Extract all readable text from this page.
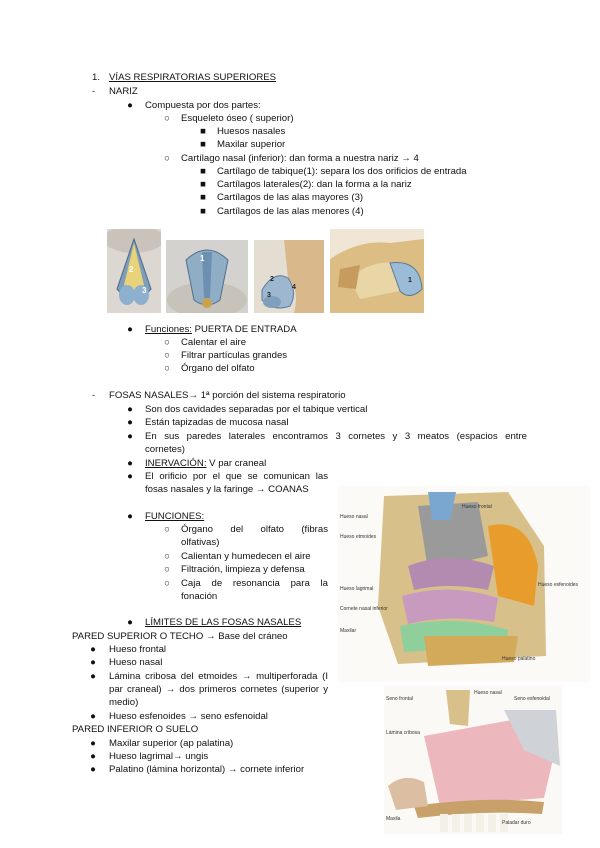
1. VÍAS RESPIRATORIAS SUPERIORES
- NARIZ
● Compuesta por dos partes:
○ Esqueleto óseo ( superior)
■ Huesos nasales
■ Maxilar superior
○ Cartílago nasal (inferior): dan forma a nuestra nariz → 4
■ Cartílago de tabique(1): separa los dos orificios de entrada
■ Cartílagos laterales(2): dan la forma a la nariz
■ Cartílagos de las alas mayores (3)
■ Cartílagos de las alas menores (4)
2
3
1
2
4
3
1
● Funciones: PUERTA DE ENTRADA
○ Calentar el aire
○ Filtrar partículas grandes
○ Órgano del olfato
- FOSAS NASALES→ 1ª porción del sistema respiratorio
● Son dos cavidades separadas por el tabique vertical
● Están tapizadas de mucosa nasal
● En sus paredes laterales encontramos 3 cornetes y 3 meatos (espacios entre
cornetes)
● INERVACIÓN: V par craneal
● El orificio por el que se comunican las
fosas nasales y la faringe → COANAS
● FUNCIONES:
○ Órgano del olfato (fibras
olfativas)
○ Calientan y humedecen el aire
○ Filtración, limpieza y defensa
○ Caja de resonancia para la
fonación
● LÍMITES DE LAS FOSAS NASALES
PARED SUPERIOR O TECHO → Base del cráneo
● Hueso frontal
● Hueso nasal
● Lámina cribosa del etmoides → multiperforada (I
par craneal) → dos primeros cornetes (superior y
medio)
● Hueso esfenoides → seno esfenoidal
PARED INFERIOR O SUELO
● Maxilar superior (ap palatina)
● Hueso lagrimal→ ungis
● Palatino (lámina horizontal) → cornete inferior
Hueso frontal
Hueso nasal
Hueso etmoides
Hueso lagrimal
Cornete nasal inferior
Maxilar
Hueso esfenoides
Hueso palatino
Seno frontal
Hueso nasal
Lámina cribosa
Seno esfenoidal
Paladar duro
Maxila
